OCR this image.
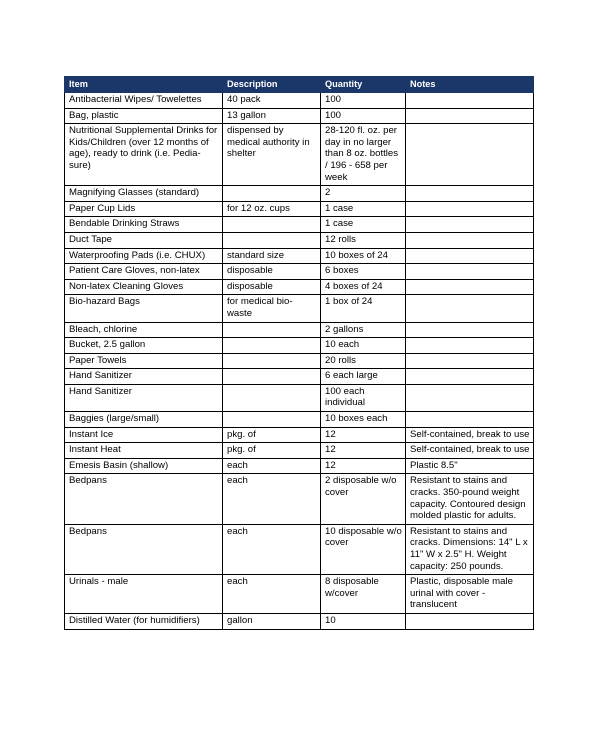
Item	Description	Quantity	Notes
Antibacterial Wipes/ Towelettes	40 pack	100	
Bag, plastic	13 gallon	100	
Nutritional Supplemental Drinks for Kids/Children (over 12 months of age), ready to drink (i.e. Pedia-sure)	dispensed by medical authority in shelter	28-120 fl. oz. per day in no larger than 8 oz. bottles / 196 - 658 per week	
Magnifying Glasses (standard)		2	
Paper Cup Lids	for 12 oz. cups	1 case	
Bendable Drinking Straws		1 case	
Duct Tape		12 rolls	
Waterproofing Pads (i.e. CHUX)	standard size	10 boxes of 24	
Patient Care Gloves, non-latex	disposable	6 boxes	
Non-latex Cleaning Gloves	disposable	4 boxes of 24	
Bio-hazard Bags	for medical bio-waste	1 box of 24	
Bleach, chlorine		2 gallons	
Bucket, 2.5 gallon		10 each	
Paper Towels		20 rolls	
Hand Sanitizer		6 each large	
Hand Sanitizer		100 each individual	
Baggies (large/small)		10 boxes each	
Instant Ice	pkg. of	12	Self-contained, break to use
Instant Heat	pkg. of	12	Self-contained, break to use
Emesis Basin (shallow)	each	12	Plastic 8.5"
Bedpans	each	2 disposable w/o cover	Resistant to stains and cracks. 350-pound weight capacity. Contoured design molded plastic for adults.
Bedpans	each	10 disposable w/o cover	Resistant to stains and cracks. Dimensions: 14" L x 11" W x 2.5" H. Weight capacity: 250 pounds.
Urinals - male	each	8 disposable w/cover	Plastic, disposable male urinal with cover - translucent
Distilled Water (for humidifiers)	gallon	10	
